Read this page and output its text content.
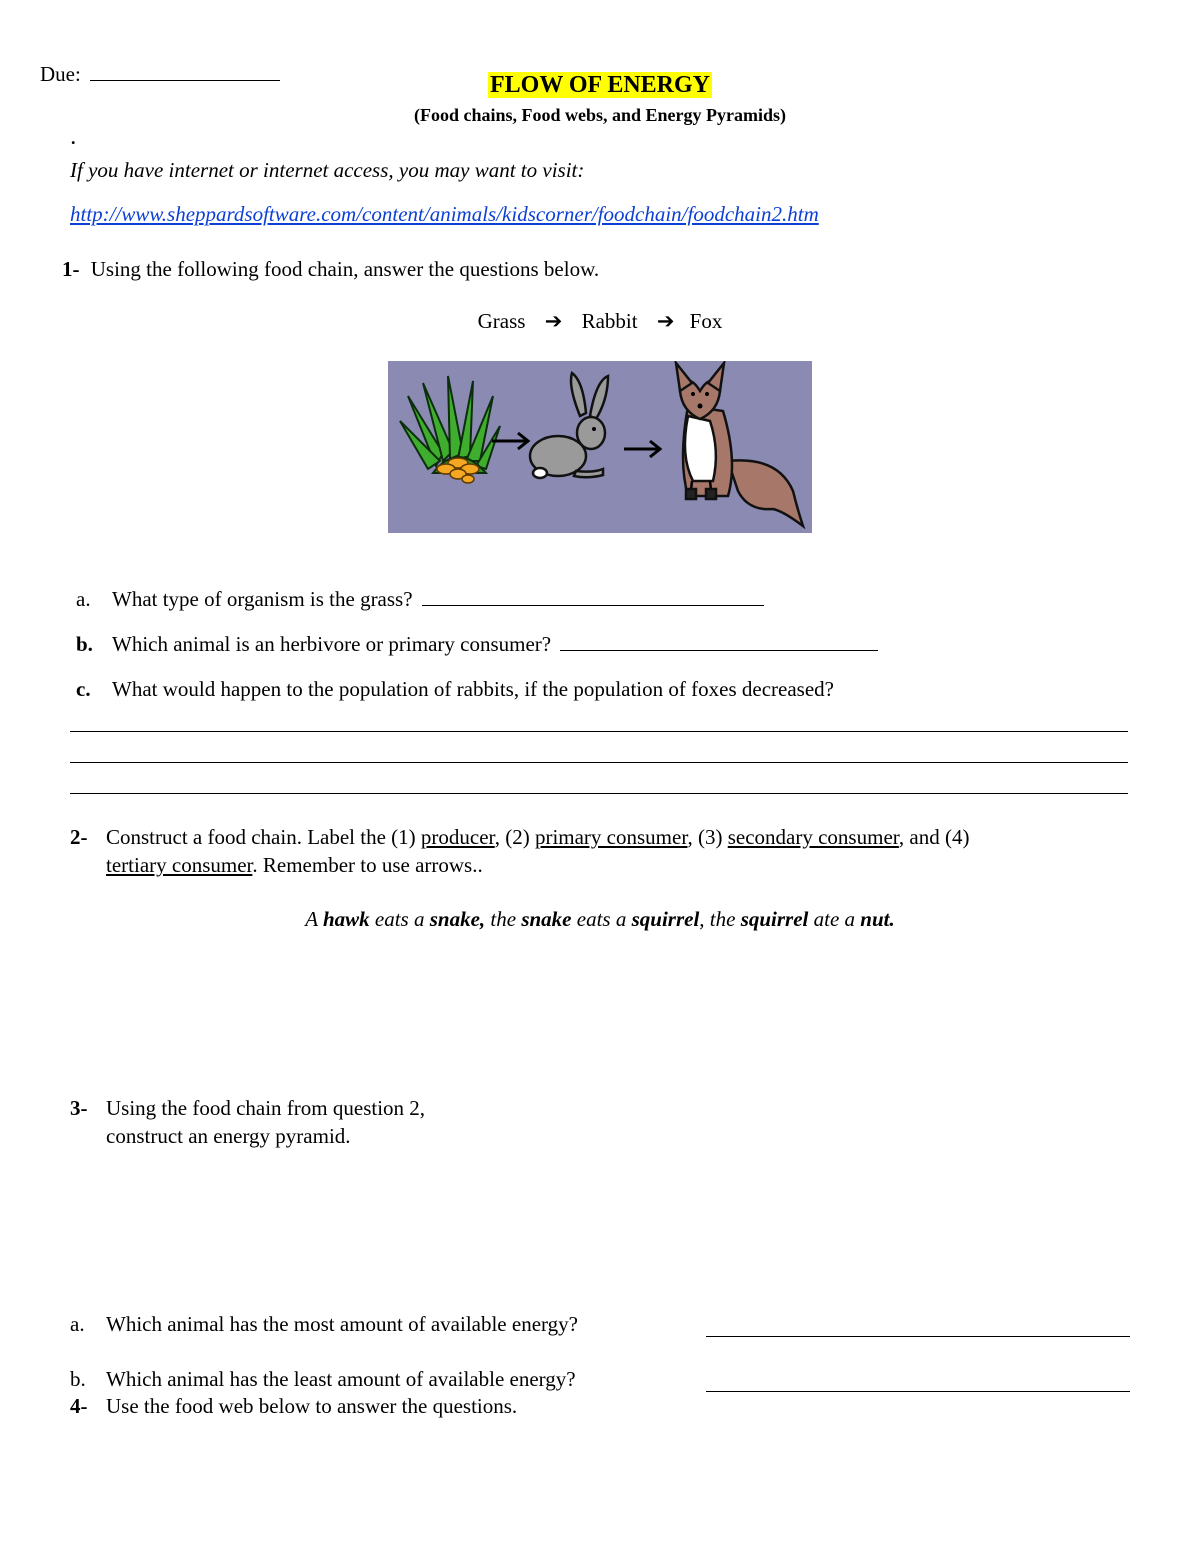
Due:	FLOW OF ENERGY
(Food chains, Food webs, and Energy Pyramids)
.
If you have internet or internet access, you may want to visit:
http://www.sheppardsoftware.com/content/animals/kidscorner/foodchain/foodchain2.htm
1- Using the following food chain, answer the questions below.
Grass ➔ Rabbit ➔ Fox
a. What type of organism is the grass?
b. Which animal is an herbivore or primary consumer?
c. What would happen to the population of rabbits, if the population of foxes decreased?
2- Construct a food chain. Label the (1) producer, (2) primary consumer, (3) secondary consumer, and (4)
tertiary consumer. Remember to use arrows..
A hawk eats a snake, the snake eats a squirrel, the squirrel ate a nut.
3- Using the food chain from question 2,
construct an energy pyramid.
a. Which animal has the most amount of available energy?
b. Which animal has the least amount of available energy?
4- Use the food web below to answer the questions.
